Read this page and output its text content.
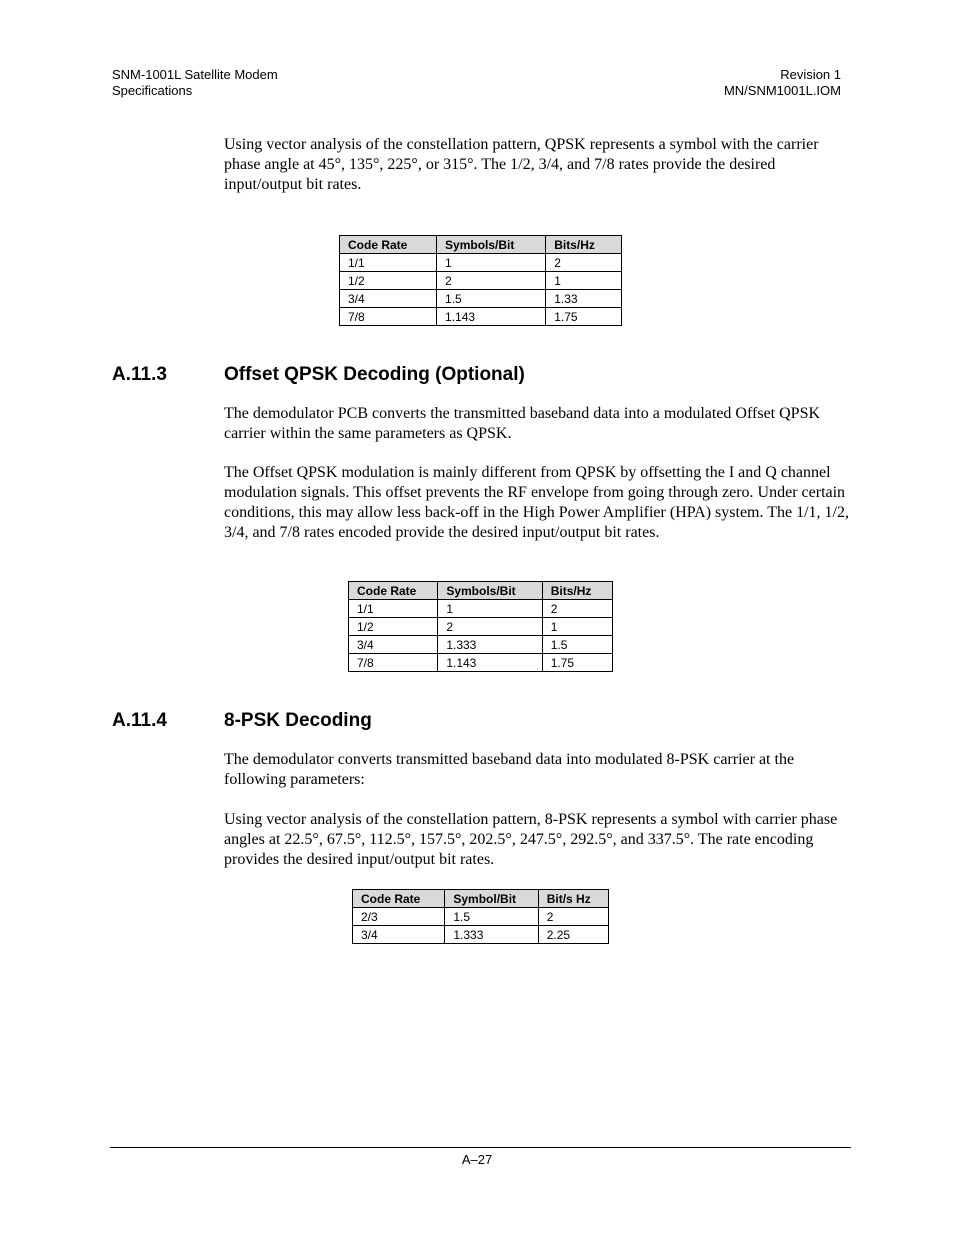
SNM-1001L Satellite Modem
Specifications
Revision 1
MN/SNM1001L.IOM

Using vector analysis of the constellation pattern, QPSK represents a symbol with the carrier phase angle at 45°, 135°, 225°, or 315°. The 1/2, 3/4, and 7/8 rates provide the desired input/output bit rates.

Code Rate	Symbols/Bit	Bits/Hz
1/1	1	2
1/2	2	1
3/4	1.5	1.33
7/8	1.143	1.75
A.11.3	Offset QPSK Decoding (Optional)

The demodulator PCB converts the transmitted baseband data into a modulated Offset QPSK carrier within the same parameters as QPSK.

The Offset QPSK modulation is mainly different from QPSK by offsetting the I and Q channel modulation signals. This offset prevents the RF envelope from going through zero. Under certain conditions, this may allow less back-off in the High Power Amplifier (HPA) system. The 1/1, 1/2, 3/4, and 7/8 rates encoded provide the desired input/output bit rates.

Code Rate	Symbols/Bit	Bits/Hz
1/1	1	2
1/2	2	1
3/4	1.333	1.5
7/8	1.143	1.75
A.11.4	8-PSK Decoding

The demodulator converts transmitted baseband data into modulated 8-PSK carrier at the following parameters:

Using vector analysis of the constellation pattern, 8-PSK represents a symbol with carrier phase angles at 22.5°, 67.5°, 112.5°, 157.5°, 202.5°, 247.5°, 292.5°, and 337.5°. The rate encoding provides the desired input/output bit rates.

Code Rate	Symbol/Bit	Bit/s Hz
2/3	1.5	2
3/4	1.333	2.25
A–27
